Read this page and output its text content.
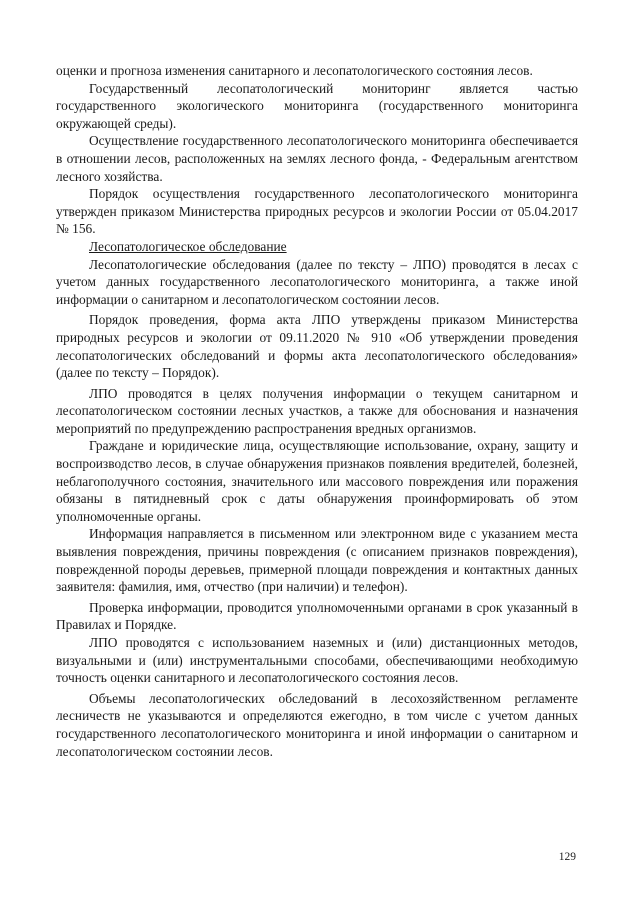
оценки и прогноза изменения санитарного и лесопатологического состояния лесов.

Государственный лесопатологический мониторинг является частью государственного экологического мониторинга (государственного мониторинга окружающей среды).

Осуществление государственного лесопатологического мониторинга обеспечивается в отношении лесов, расположенных на землях лесного фонда, - Федеральным агентством лесного хозяйства.

Порядок осуществления государственного лесопатологического мониторинга утвержден приказом Министерства природных ресурсов и экологии России от 05.04.2017 № 156.

Лесопатологическое обследование

Лесопатологические обследования (далее по тексту – ЛПО) проводятся в лесах с учетом данных государственного лесопатологического мониторинга, а также иной информации о санитарном и лесопатологическом состоянии лесов.

Порядок проведения, форма акта ЛПО утверждены приказом Министерства природных ресурсов и экологии от 09.11.2020 № 910 «Об утверждении проведения лесопатологических обследований и формы акта лесопатологического обследования» (далее по тексту – Порядок).

ЛПО проводятся в целях получения информации о текущем санитарном и лесопатологическом состоянии лесных участков, а также для обоснования и назначения мероприятий по предупреждению распространения вредных организмов.

Граждане и юридические лица, осуществляющие использование, охрану, защиту и воспроизводство лесов, в случае обнаружения признаков появления вредителей, болезней, неблагополучного состояния, значительного или массового повреждения или поражения обязаны в пятидневный срок с даты обнаружения проинформировать об этом уполномоченные органы.

Информация направляется в письменном или электронном виде с указанием места выявления повреждения, причины повреждения (с описанием признаков повреждения), поврежденной породы деревьев, примерной площади повреждения и контактных данных заявителя: фамилия, имя, отчество (при наличии) и телефон).

Проверка информации, проводится уполномоченными органами в срок указанный в Правилах и Порядке.

ЛПО проводятся с использованием наземных и (или) дистанционных методов, визуальными и (или) инструментальными способами, обеспечивающими необходимую точность оценки санитарного и лесопатологического состояния лесов.

Объемы лесопатологических обследований в лесохозяйственном регламенте лесничеств не указываются и определяются ежегодно, в том числе с учетом данных государственного лесопатологического мониторинга и иной информации о санитарном и лесопатологическом состоянии лесов.

129
